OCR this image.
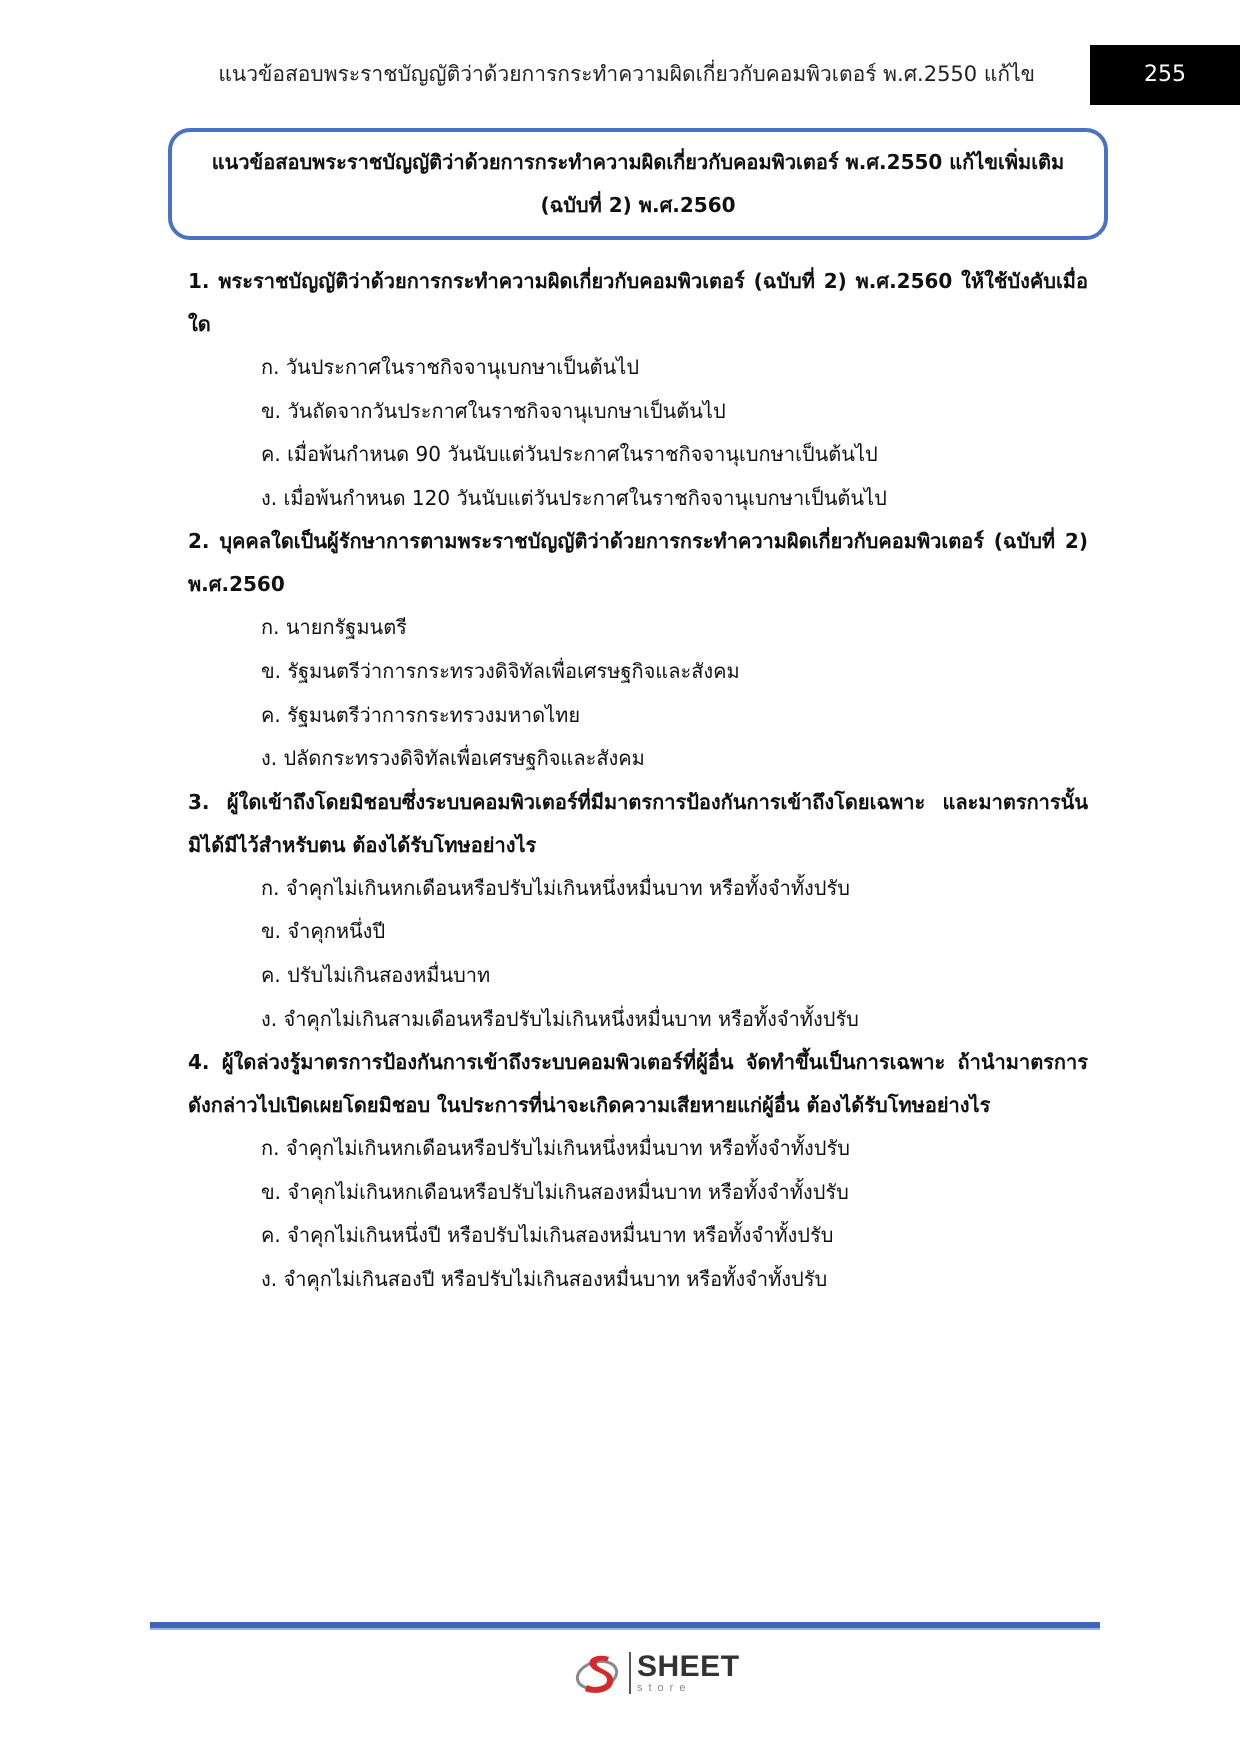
แนวข้อสอบพระราชบัญญัติว่าด้วยการกระทำความผิดเกี่ยวกับคอมพิวเตอร์ พ.ศ.2550 แก้ไข	255
แนวข้อสอบพระราชบัญญัติว่าด้วยการกระทำความผิดเกี่ยวกับคอมพิวเตอร์ พ.ศ.2550 แก้ไขเพิ่มเติม
(ฉบับที่ 2) พ.ศ.2560
1. พระราชบัญญัติว่าด้วยการกระทำความผิดเกี่ยวกับคอมพิวเตอร์ (ฉบับที่ 2) พ.ศ.2560 ให้ใช้บังคับเมื่อใด
ก. วันประกาศในราชกิจจานุเบกษาเป็นต้นไป
ข. วันถัดจากวันประกาศในราชกิจจานุเบกษาเป็นต้นไป
ค. เมื่อพ้นกำหนด 90 วันนับแต่วันประกาศในราชกิจจานุเบกษาเป็นต้นไป
ง. เมื่อพ้นกำหนด 120 วันนับแต่วันประกาศในราชกิจจานุเบกษาเป็นต้นไป
2. บุคคลใดเป็นผู้รักษาการตามพระราชบัญญัติว่าด้วยการกระทำความผิดเกี่ยวกับคอมพิวเตอร์ (ฉบับที่ 2) พ.ศ.2560
ก. นายกรัฐมนตรี
ข. รัฐมนตรีว่าการกระทรวงดิจิทัลเพื่อเศรษฐกิจและสังคม
ค. รัฐมนตรีว่าการกระทรวงมหาดไทย
ง. ปลัดกระทรวงดิจิทัลเพื่อเศรษฐกิจและสังคม
3. ผู้ใดเข้าถึงโดยมิชอบซึ่งระบบคอมพิวเตอร์ที่มีมาตรการป้องกันการเข้าถึงโดยเฉพาะ และมาตรการนั้นมิได้มีไว้สำหรับตน ต้องได้รับโทษอย่างไร
ก. จำคุกไม่เกินหกเดือนหรือปรับไม่เกินหนึ่งหมื่นบาท หรือทั้งจำทั้งปรับ
ข. จำคุกหนึ่งปี
ค. ปรับไม่เกินสองหมื่นบาท
ง. จำคุกไม่เกินสามเดือนหรือปรับไม่เกินหนึ่งหมื่นบาท หรือทั้งจำทั้งปรับ
4. ผู้ใดล่วงรู้มาตรการป้องกันการเข้าถึงระบบคอมพิวเตอร์ที่ผู้อื่น จัดทำขึ้นเป็นการเฉพาะ ถ้านำมาตรการดังกล่าวไปเปิดเผยโดยมิชอบ ในประการที่น่าจะเกิดความเสียหายแก่ผู้อื่น ต้องได้รับโทษอย่างไร
ก. จำคุกไม่เกินหกเดือนหรือปรับไม่เกินหนึ่งหมื่นบาท หรือทั้งจำทั้งปรับ
ข. จำคุกไม่เกินหกเดือนหรือปรับไม่เกินสองหมื่นบาท หรือทั้งจำทั้งปรับ
ค. จำคุกไม่เกินหนึ่งปี หรือปรับไม่เกินสองหมื่นบาท หรือทั้งจำทั้งปรับ
ง. จำคุกไม่เกินสองปี หรือปรับไม่เกินสองหมื่นบาท หรือทั้งจำทั้งปรับ
SHEET
store
